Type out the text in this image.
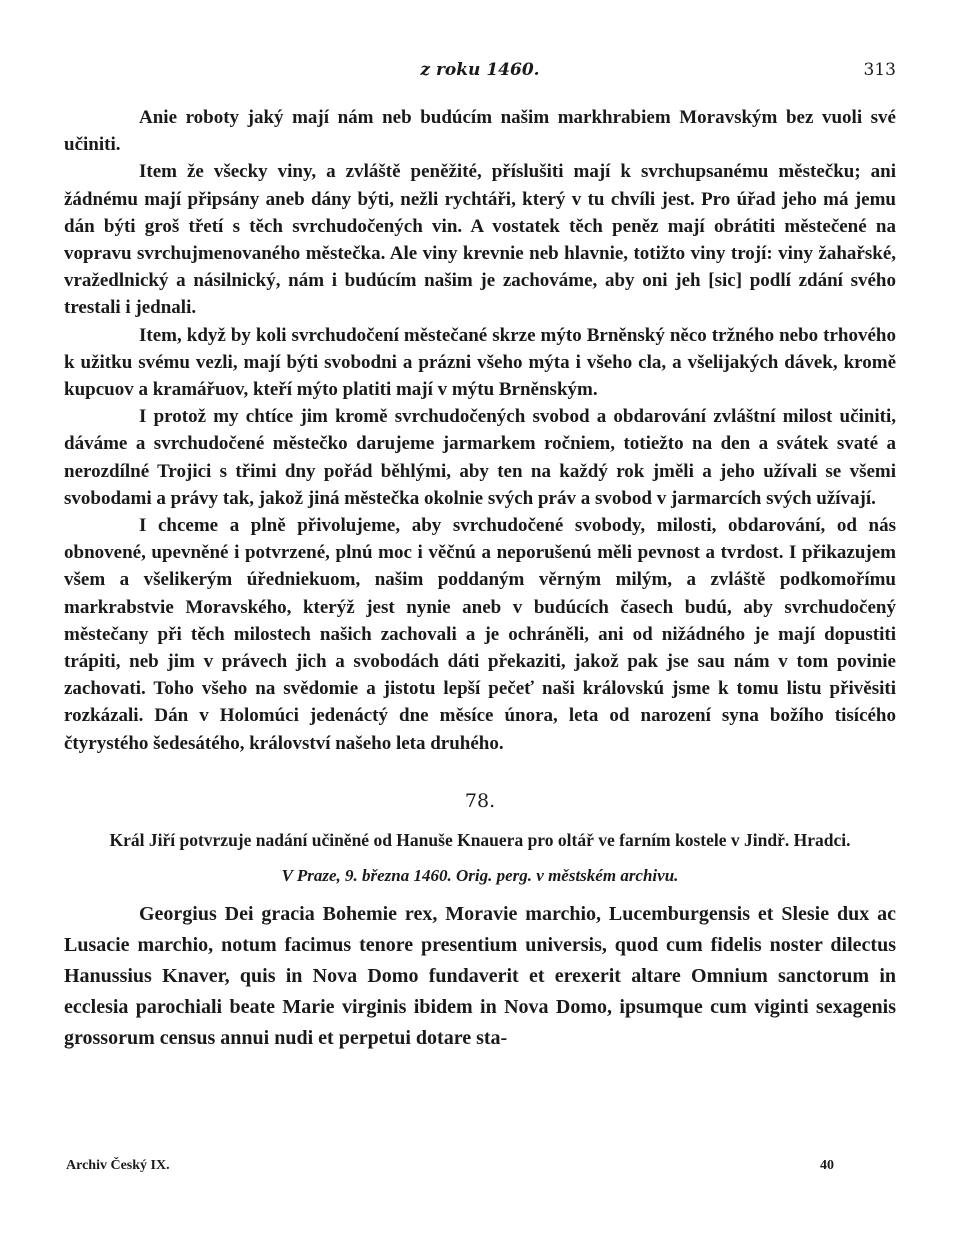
z roku 1460.	313

Anie roboty jaký mají nám neb budúcím našim markhrabiem Moravským bez vuoli své učiniti.

Item že všecky viny, a zvláště peněžité, příslušiti mají k svrchupsanému městečku; ani žádnému mají připsány aneb dány býti, nežli rychtáři, který v tu chvíli jest. Pro úřad jeho má jemu dán býti groš třetí s těch svrchudočených vin. A vostatek těch peněz mají obrátiti městečené na vopravu svrchujmenovaného městečka. Ale viny krevnie neb hlavnie, totižto viny trojí: viny žahařské, vražedlnický a násilnický, nám i budúcím našim je zachováme, aby oni jeh [sic] podlí zdání svého trestali i jednali.

Item, když by koli svrchudočení městečané skrze mýto Brněnský něco tržného nebo trhového k užitku svému vezli, mají býti svobodni a prázni všeho mýta i všeho cla, a všelijakých dávek, kromě kupcuov a kramářuov, kteří mýto platiti mají v mýtu Brněnským.

I protož my chtíce jim kromě svrchudočených svobod a obdarování zvláštní milost učiniti, dáváme a svrchudočené městečko darujeme jarmarkem ročniem, totiežto na den a svátek svaté a nerozdílné Trojici s třimi dny pořád běhlými, aby ten na každý rok jměli a jeho užívali se všemi svobodami a právy tak, jakož jiná městečka okolnie svých práv a svobod v jarmarcích svých užívají.

I chceme a plně přivolujeme, aby svrchudočené svobody, milosti, obdarování, od nás obnovené, upevněné i potvrzené, plnú moc i věčnú a neporušenú měli pevnost a tvrdost. I přikazujem všem a všelikerým úředniekuom, našim poddaným věrným milým, a zvláště podkomořímu markrabstvie Moravského, kterýž jest nynie aneb v budúcích časech budú, aby svrchudočený městečany při těch milostech našich zachovali a je ochráněli, ani od nižádného je mají dopustiti trápiti, neb jim v právech jich a svobodách dáti překaziti, jakož pak jse sau nám v tom povinie zachovati. Toho všeho na svědomie a jistotu lepší pečeť naši královskú jsme k tomu listu přivěsiti rozkázali. Dán v Holomúci jedenáctý dne měsíce února, leta od narození syna božího tisícého čtyrystého šedesátého, království našeho leta druhého.

78.
Král Jiří potvrzuje nadání učiněné od Hanuše Knauera pro oltář ve farním kostele v Jindř. Hradci.
V Praze, 9. března 1460. Orig. perg. v městském archivu.

Georgius Dei gracia Bohemie rex, Moravie marchio, Lucemburgensis et Slesie dux ac Lusacie marchio, notum facimus tenore presentium universis, quod cum fidelis noster dilectus Hanussius Knaver, quis in Nova Domo fundaverit et erexerit altare Omnium sanctorum in ecclesia parochiali beate Marie virginis ibidem in Nova Domo, ipsumque cum viginti sexagenis grossorum census annui nudi et perpetui dotare sta-

Archiv Český IX.	40
